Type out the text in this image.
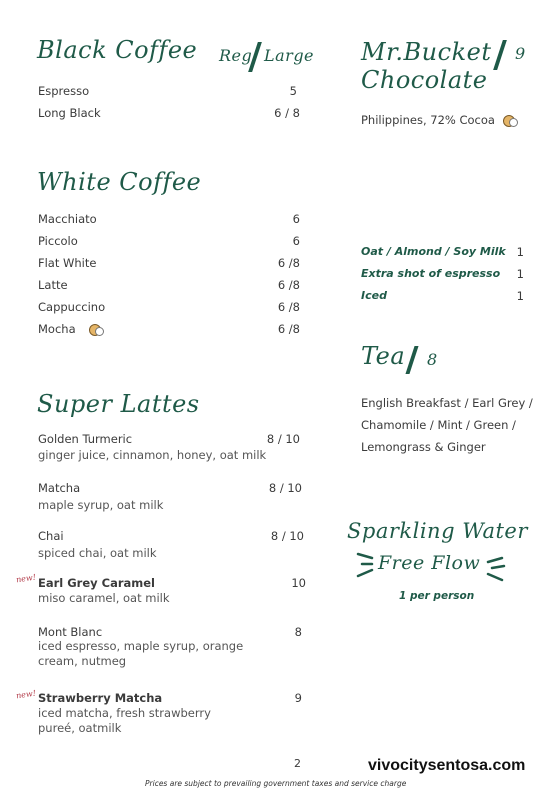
Black Coffee Reg Large
Espresso	5
Long Black	6 / 8
White Coffee
Macchiato	6
Piccolo	6
Flat White	6 /8
Latte	6 /8
Cappuccino	6 /8
Mocha	6 /8
Super Lattes
Golden Turmeric	8 / 10
ginger juice, cinnamon, honey, oat milk
Matcha	8 / 10
maple syrup, oat milk
Chai	8 / 10
spiced chai, oat milk
new! Earl Grey Caramel	10
miso caramel, oat milk
Mont Blanc	8
iced espresso, maple syrup, orange cream, nutmeg
new! Strawberry Matcha	9
iced matcha, fresh strawberry pureé, oatmilk
Mr.Bucket
Chocolate
9
Philippines, 72% Cocoa
Oat / Almond / Soy Milk 1
Extra shot of espresso	1
Iced	1
Tea 8
English Breakfast / Earl Grey /
Chamomile / Mint / Green /
Lemongrass & Ginger
Sparkling Water
Free Flow
1 per person
2
Prices are subject to prevailing government taxes and service charge
vivocitysentosa.com
